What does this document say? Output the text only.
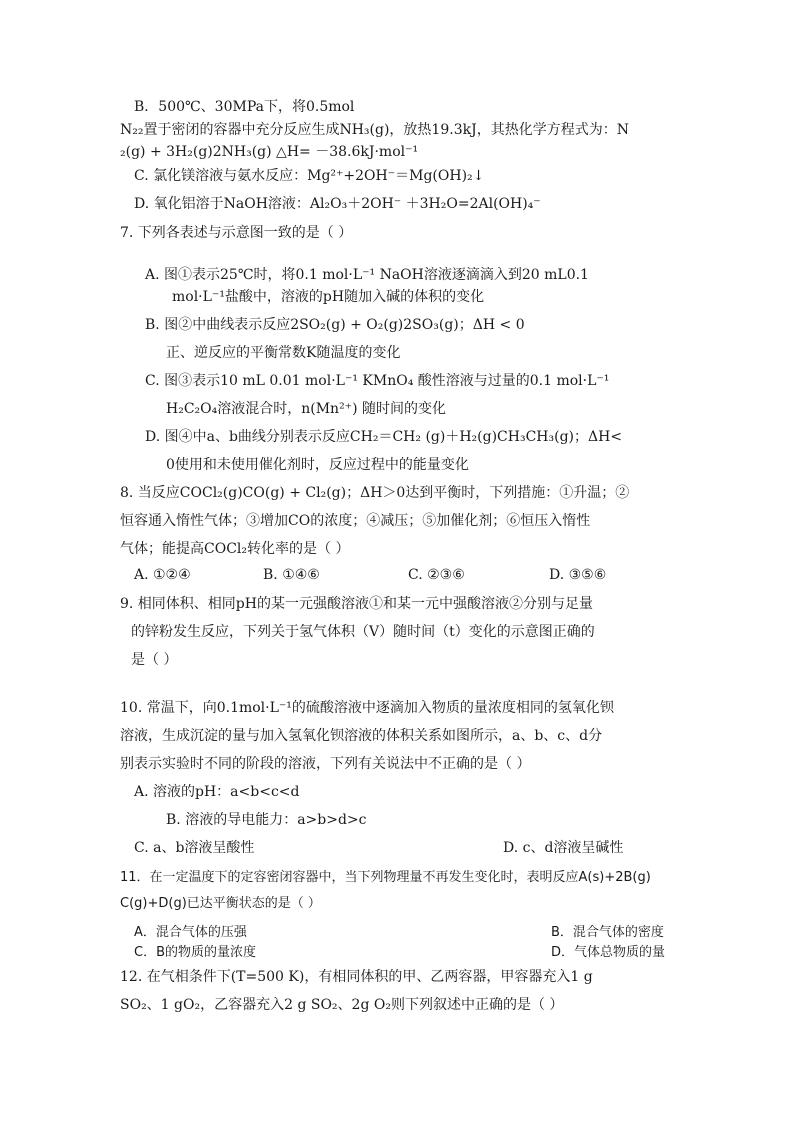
B．500℃、30MPa下，将0.5mol
N₂₂置于密闭的容器中充分反应生成NH₃(g)，放热19.3kJ，其热化学方程式为：N
₂(g) + 3H₂(g)2NH₃(g) △H= －38.6kJ·mol⁻¹
C. 氯化镁溶液与氨水反应：Mg²⁺+2OH⁻＝Mg(OH)₂↓
D. 氧化铝溶于NaOH溶液：Al₂O₃＋2OH⁻ ＋3H₂O=2Al(OH)₄⁻
7. 下列各表述与示意图一致的是（ ）
A. 图①表示25℃时，将0.1 mol·L⁻¹ NaOH溶液逐滴滴入到20 mL0.1
mol·L⁻¹盐酸中，溶液的pH随加入碱的体积的变化
B. 图②中曲线表示反应2SO₂(g) + O₂(g)2SO₃(g)；ΔH < 0
正、逆反应的平衡常数K随温度的变化
C. 图③表示10 mL 0.01 mol·L⁻¹ KMnO₄ 酸性溶液与过量的0.1 mol·L⁻¹
H₂C₂O₄溶液混合时，n(Mn²⁺) 随时间的变化
D. 图④中a、b曲线分别表示反应CH₂＝CH₂ (g)＋H₂(g)CH₃CH₃(g)；ΔH<
0使用和未使用催化剂时，反应过程中的能量变化
8. 当反应COCl₂(g)CO(g) + Cl₂(g)；ΔH＞0达到平衡时，下列措施：①升温；②
恒容通入惰性气体；③增加CO的浓度；④减压；⑤加催化剂；⑥恒压入惰性
气体；能提高COCl₂转化率的是（ ）
A. ①②④	B. ①④⑥	C. ②③⑥	D. ③⑤⑥
9. 相同体积、相同pH的某一元强酸溶液①和某一元中强酸溶液②分别与足量
的锌粉发生反应，下列关于氢气体积（V）随时间（t）变化的示意图正确的
是（ ）
10. 常温下，向0.1mol·L⁻¹的硫酸溶液中逐滴加入物质的量浓度相同的氢氧化钡
溶液，生成沉淀的量与加入氢氧化钡溶液的体积关系如图所示，a、b、c、d分
别表示实验时不同的阶段的溶液，下列有关说法中不正确的是（ ）
A. 溶液的pH：a<b<c<d
B. 溶液的导电能力：a>b>d>c
C. a、b溶液呈酸性	D. c、d溶液呈碱性
11．在一定温度下的定容密闭容器中，当下列物理量不再发生变化时，表明反应A(s)+2B(g)
C(g)+D(g)已达平衡状态的是（ ）
A．混合气体的压强	B．混合气体的密度
C．B的物质的量浓度	D．气体总物质的量
12. 在气相条件下(T=500 K)，有相同体积的甲、乙两容器，甲容器充入1 g
SO₂、1 gO₂，乙容器充入2 g SO₂、2g O₂则下列叙述中正确的是（ ）
